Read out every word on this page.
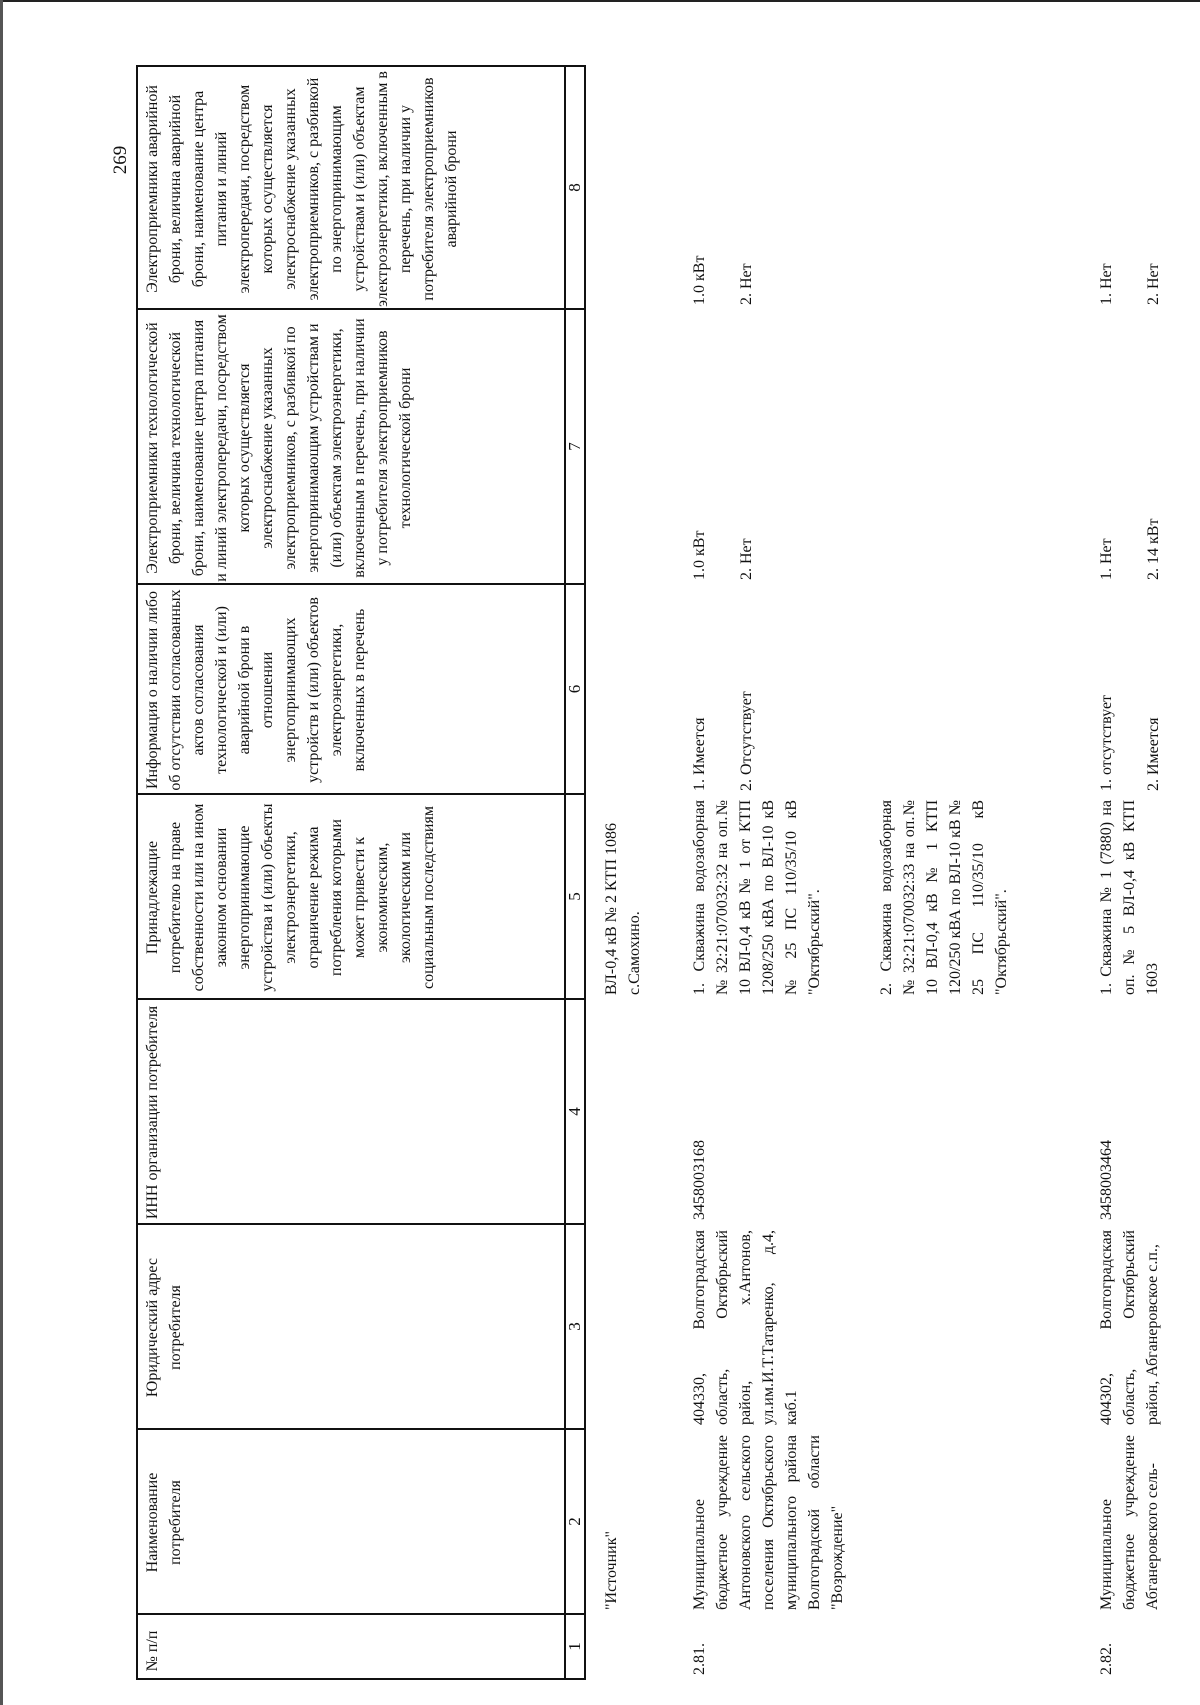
269
№ п/п
Наименование потребителя
Юридический адрес потребителя
ИНН организации потребителя
Принадлежащие потребителю на праве собственности или на ином законном основании энергопринимающие устройства и (или) объекты электроэнергетики, ограничение режима потребления которыми может привести к экономическим, экологическим или социальным последствиям
Информация о наличии либо об отсутствии согласованных актов согласования технологической и (или) аварийной брони в отношении энергопринимающих устройств и (или) объектов электроэнергетики, включенных в перечень
Электроприемники технологической брони, величина технологической брони, наименование центра питания и линий электропередачи, посредством которых осуществляется электроснабжение указанных электроприемников, с разбивкой по энергопринимающим устройствам и (или) объектам электроэнергетики, включенным в перечень, при наличии у потребителя электроприемников технологической брони
Электроприемники аварийной брони, величина аварийной брони, наименование центра питания и линий электропередачи, посредством которых осуществляется электроснабжение указанных электроприемников, с разбивкой по энергопринимающим устройствам и (или) объектам электроэнергетики, включенным в перечень, при наличии у потребителя электроприемников аварийной брони
1
2
3
4
5
6
7
8
"Источник"
ВЛ-0,4 кВ № 2 КТП 1086 с.Самохино.
2.81.
Муниципальное бюджетное учреждение Антоновского сельского поселения Октябрьского муниципального района Волгоградской области "Возрождение"
404330, Волгоградская область, Октябрьский район, х.Антонов, ул.им.И.Т.Татаренко, д.4, каб.1
3458003168
1. Скважина водозаборная № 32:21:070032:32 на оп.№ 10 ВЛ-0,4 кВ № 1 от КТП 1208/250 кВА по ВЛ-10 кВ № 25 ПС 110/35/10 кВ "Октябрьский".	2. Скважина водозаборная № 32:21:070032:33 на оп.№ 10 ВЛ-0,4 кВ № 1 КТП 120/250 кВА по ВЛ-10 кВ № 25 ПС 110/35/10 кВ "Октябрьский".
1. Имеется 2. Отсутствует
1.0 кВт 2. Нет
1.0 кВт 2. Нет
2.82.
Муниципальное бюджетное учреждение Абганеровского сель-
404302, Волгоградская область, Октябрьский район, Абганеровское с.п.,
3458003464
1. Скважина № 1 (7880) на оп. № 5 ВЛ-0,4 кВ КТП 1603
1. отсутствует 2. Имеется
1. Нет 2. 14 кВт
1. Нет 2. Нет
